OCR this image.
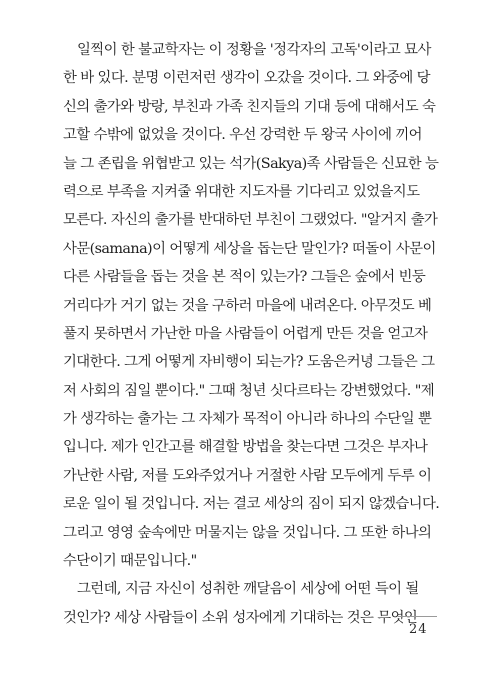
일찍이 한 불교학자는 이 정황을 '정각자의 고독'이라고 묘사
한 바 있다. 분명 이런저런 생각이 오갔을 것이다. 그 와중에 당
신의 출가와 방랑, 부친과 가족 친지들의 기대 등에 대해서도 숙
고할 수밖에 없었을 것이다. 우선 강력한 두 왕국 사이에 끼어
늘 그 존립을 위협받고 있는 석가(Sakya)족 사람들은 신묘한 능
력으로 부족을 지켜줄 위대한 지도자를 기다리고 있었을지도
모른다. 자신의 출가를 반대하던 부친이 그랬었다. "알거지 출가
사문(samana)이 어떻게 세상을 돕는단 말인가? 떠돌이 사문이
다른 사람들을 돕는 것을 본 적이 있는가? 그들은 숲에서 빈둥
거리다가 거기 없는 것을 구하러 마을에 내려온다. 아무것도 베
풀지 못하면서 가난한 마을 사람들이 어렵게 만든 것을 얻고자
기대한다. 그게 어떻게 자비행이 되는가? 도움은커녕 그들은 그
저 사회의 짐일 뿐이다." 그때 청년 싯다르타는 강변했었다. "제
가 생각하는 출가는 그 자체가 목적이 아니라 하나의 수단일 뿐
입니다. 제가 인간고를 해결할 방법을 찾는다면 그것은 부자나
가난한 사람, 저를 도와주었거나 거절한 사람 모두에게 두루 이
로운 일이 될 것입니다. 저는 결코 세상의 짐이 되지 않겠습니다.
그리고 영영 숲속에만 머물지는 않을 것입니다. 그 또한 하나의
수단이기 때문입니다."
그런데, 지금 자신이 성취한 깨달음이 세상에 어떤 득이 될
것인가? 세상 사람들이 소위 성자에게 기대하는 것은 무엇인
24
